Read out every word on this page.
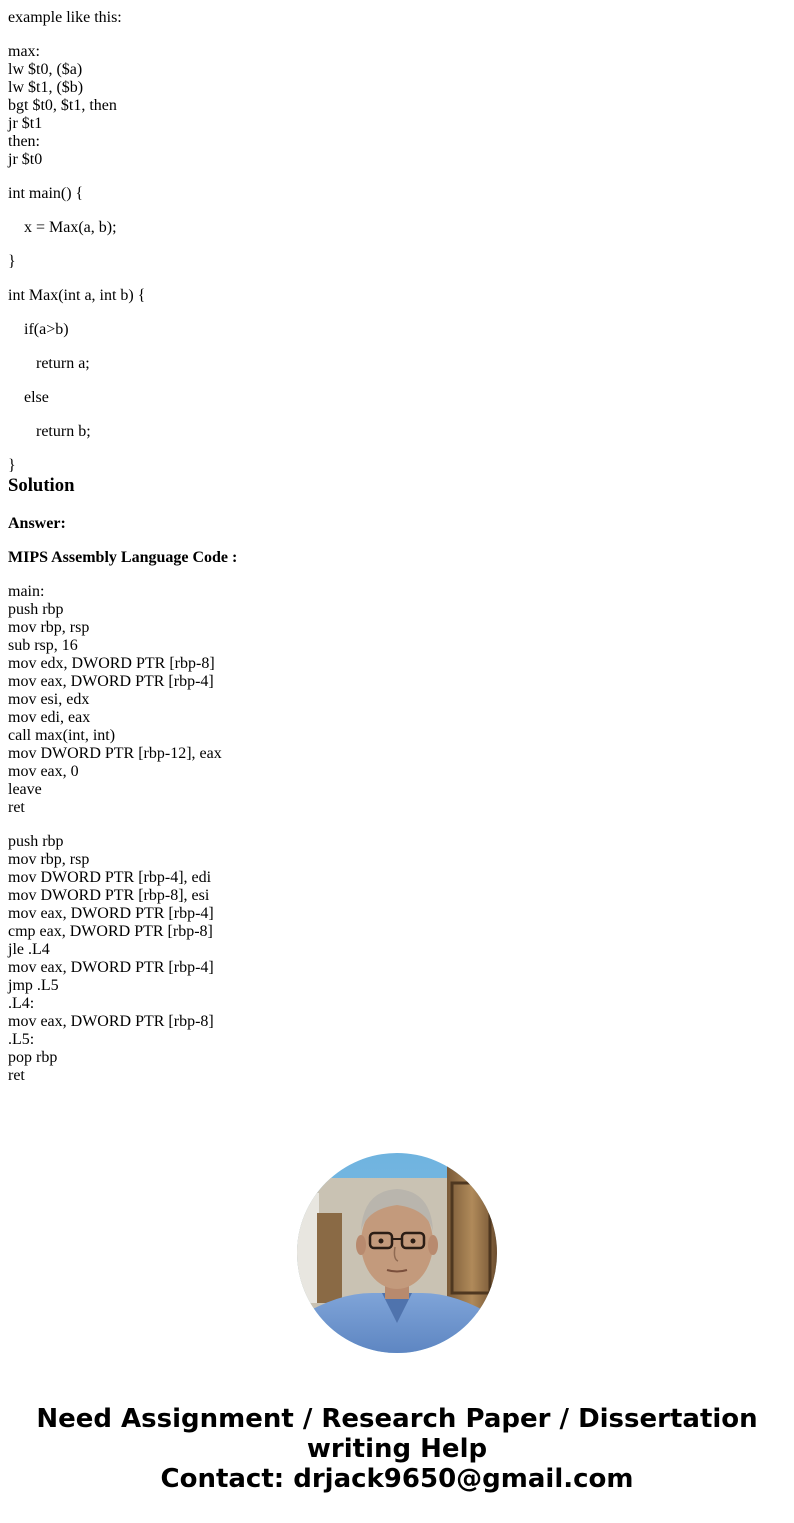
example like this:
max:
lw $t0, ($a)
lw $t1, ($b)
bgt $t0, $t1, then
jr $t1
then:
jr $t0
int main() {
x = Max(a, b);
}
int Max(int a, int b) {
if(a>b)
return a;
else
return b;
}
Solution

Answer:

MIPS Assembly Language Code :

main:
push rbp
mov rbp, rsp
sub rsp, 16
mov edx, DWORD PTR [rbp-8]
mov eax, DWORD PTR [rbp-4]
mov esi, edx
mov edi, eax
call max(int, int)
mov DWORD PTR [rbp-12], eax
mov eax, 0
leave
ret
push rbp
mov rbp, rsp
mov DWORD PTR [rbp-4], edi
mov DWORD PTR [rbp-8], esi
mov eax, DWORD PTR [rbp-4]
cmp eax, DWORD PTR [rbp-8]
jle .L4
mov eax, DWORD PTR [rbp-4]
jmp .L5
.L4:
mov eax, DWORD PTR [rbp-8]
.L5:
pop rbp
ret
Need Assignment / Research Paper / Dissertation
writing Help
Contact: drjack9650@gmail.com
